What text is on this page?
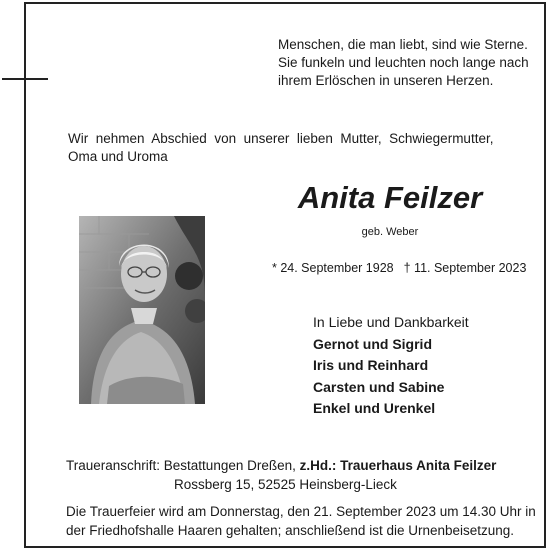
Menschen, die man liebt, sind wie Sterne.
Sie funkeln und leuchten noch lange nach
ihrem Erlöschen in unseren Herzen.
Wir  nehmen  Abschied  von  unserer  lieben  Mutter,  Schwiegermutter,
Oma und Uroma
Anita Feilzer
geb. Weber
* 24. September 1928 † 11. September 2023
In Liebe und Dankbarkeit
Gernot und Sigrid
Iris und Reinhard
Carsten und Sabine
Enkel und Urenkel
Traueranschrift: Bestattungen Dreßen, z.Hd.: Trauerhaus Anita Feilzer
Rossberg 15, 52525 Heinsberg-Lieck
Die Trauerfeier wird am Donnerstag, den 21. September 2023 um 14.30 Uhr in
der Friedhofshalle Haaren gehalten; anschließend ist die Urnenbeisetzung.
